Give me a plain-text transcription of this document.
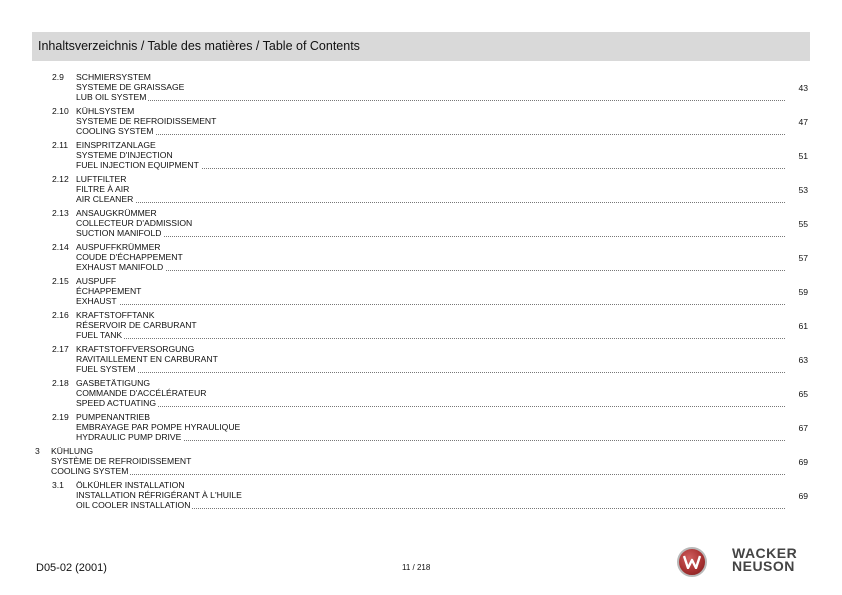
Inhaltsverzeichnis / Table des matières / Table of Contents
2.9 SCHMIERSYSTEM
SYSTEME DE GRAISSAGE
LUB OIL SYSTEM
43
2.10 KÜHLSYSTEM
SYSTEME DE REFROIDISSEMENT
COOLING SYSTEM
47
2.11 EINSPRITZANLAGE
SYSTEME D'INJECTION
FUEL INJECTION EQUIPMENT
51
2.12 LUFTFILTER
FILTRE À AIR
AIR CLEANER
53
2.13 ANSAUGKRÜMMER
COLLECTEUR D'ADMISSION
SUCTION MANIFOLD
55
2.14 AUSPUFFKRÜMMER
COUDE D'ÉCHAPPEMENT
EXHAUST MANIFOLD
57
2.15 AUSPUFF
ÉCHAPPEMENT
EXHAUST
59
2.16 KRAFTSTOFFTANK
RÉSERVOIR DE CARBURANT
FUEL TANK
61
2.17 KRAFTSTOFFVERSORGUNG
RAVITAILLEMENT EN CARBURANT
FUEL SYSTEM
63
2.18 GASBETÄTIGUNG
COMMANDE D'ACCÉLÉRATEUR
SPEED ACTUATING
65
2.19 PUMPENANTRIEB
EMBRAYAGE PAR POMPE HYRAULIQUE
HYDRAULIC PUMP DRIVE
67
3 KÜHLUNG
SYSTÈME DE REFROIDISSEMENT
COOLING SYSTEM
69
3.1 ÖLKÜHLER INSTALLATION
INSTALLATION RÉFRIGÉRANT À L'HUILE
OIL COOLER INSTALLATION
69
D05-02 (2001)	11 / 218
WACKER
NEUSON
